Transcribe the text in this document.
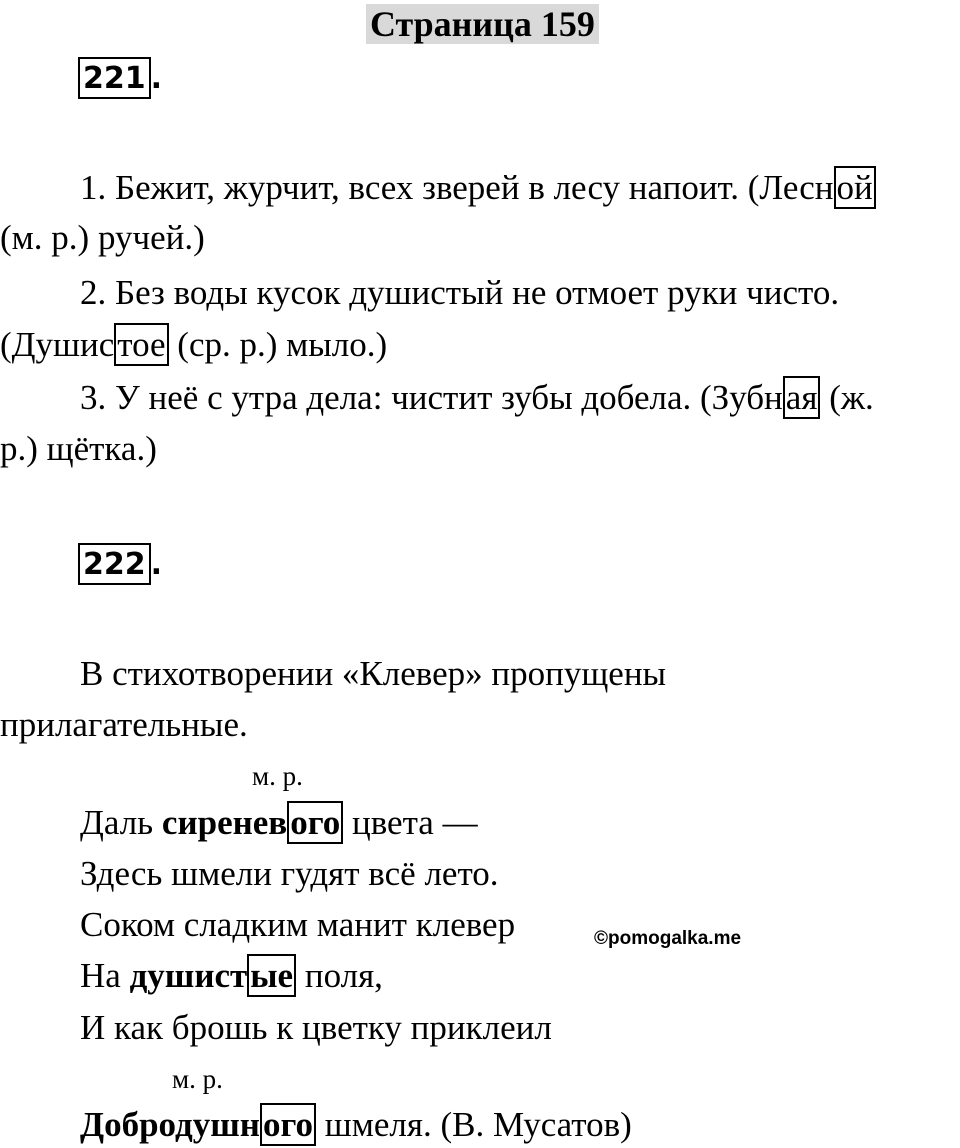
Страница 159
221 .
1. Бежит, журчит, всех зверей в лесу напоит. (Лесной
(м. р.) ручей.)
2. Без воды кусок душистый не отмоет руки чисто.
(Душистое (ср. р.) мыло.)
3. У неё с утра дела: чистит зубы добела. (Зубная (ж.
р.) щётка.)
222 .
В стихотворении «Клевер» пропущены
прилагательные.
м. р.
Даль сиреневого цвета —
Здесь шмели гудят всё лето.
Соком сладким манит клевер	©pomogalka.me
На душистые поля,
И как брошь к цветку приклеил
м. р.
Добродушного шмеля. (В. Мусатов)
